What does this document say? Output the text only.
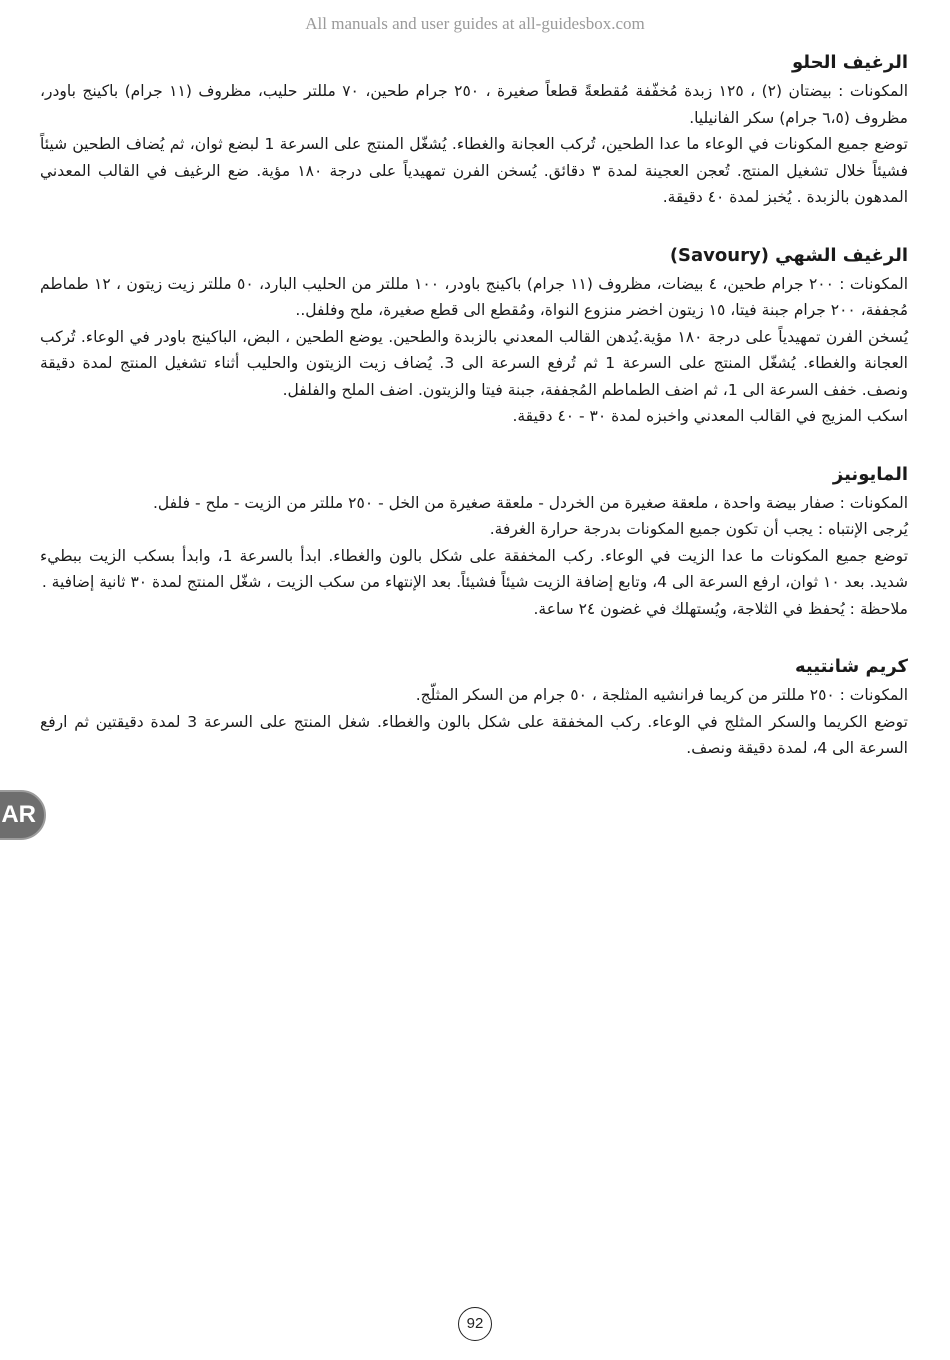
All manuals and user guides at all-guidesbox.com

الرغيف الحلو

المكونات : بيضتان (٢) ، ١٢٥ زبدة مُخفّفة مُقطعةً قطعاً صغيرة ، ٢٥٠ جرام طحين، ٧٠ مللتر حليب، مظروف (١١ جرام) باكينج باودر، مظروف (٦،٥ جرام) سكر الفانيليا.

توضع جميع المكونات في الوعاء ما عدا الطحين، تُركب العجانة والغطاء. يُشغّل المنتج على السرعة 1 لبضع ثوان، ثم يُضاف الطحين شيئاً فشيئاً خلال تشغيل المنتج. تُعجن العجينة لمدة ٣ دقائق. يُسخن الفرن تمهيدياً على درجة ١٨٠ مؤية. ضع الرغيف في القالب المعدني المدهون بالزبدة . يُخبز لمدة ٤٠ دقيقة.

الرغيف الشهي (Savoury)

المكونات : ٢٠٠ جرام طحين، ٤ بيضات، مظروف (١١ جرام) باكينج باودر، ١٠٠ مللتر من الحليب البارد، ٥٠ مللتر زيت زيتون ، ١٢ طماطم مُجففة، ٢٠٠ جرام جبنة فيتا، ١٥ زيتون اخضر منزوع النواة، ومُقطع الى قطع صغيرة، ملح وفلفل..

يُسخن الفرن تمهيدياً على درجة ١٨٠ مؤية.يُدهن القالب المعدني بالزبدة والطحين. يوضع الطحين ، البض، الباكينج باودر في الوعاء. تُركب العجانة والغطاء. يُشغّل المنتج على السرعة 1 ثم تُرفع السرعة الى 3. يُضاف زيت الزيتون والحليب أثناء تشغيل المنتج لمدة دقيقة ونصف. خفف السرعة الى 1، ثم اضف الطماطم المُجففة، جبنة فيتا والزيتون. اضف الملح والفلفل.

اسكب المزيج في القالب المعدني واخبزه لمدة ٣٠ - ٤٠ دقيقة.

المايونيز

المكونات : صفار بيضة واحدة ، ملعقة صغيرة من الخردل - ملعقة صغيرة من الخل - ٢٥٠ مللتر من الزيت - ملح - فلفل.

يُرجى الإنتباه : يجب أن تكون جميع المكونات بدرجة حرارة الغرفة.

توضع جميع المكونات ما عدا الزيت في الوعاء. ركب المخفقة على شكل بالون والغطاء. ابدأ بالسرعة 1، وابدأ بسكب الزيت ببطيء شديد. بعد ١٠ ثوان، ارفع السرعة الى 4، وتابع إضافة الزيت شيئاً فشيئاً. بعد الإنتهاء من سكب الزيت ، شغّل المنتج لمدة ٣٠ ثانية إضافية .

ملاحظة : يُحفظ في الثلاجة، ويُستهلك في غضون ٢٤ ساعة.

كريم شانتييه

المكونات : ٢٥٠ مللتر من كريما فرانشيه المثلجة ، ٥٠ جرام من السكر المثلّج.

توضع الكريما والسكر المثلج في الوعاء. ركب المخفقة على شكل بالون والغطاء. شغل المنتج على السرعة 3 لمدة دقيقتين ثم ارفع السرعة الى 4، لمدة دقيقة ونصف.

AR
92
